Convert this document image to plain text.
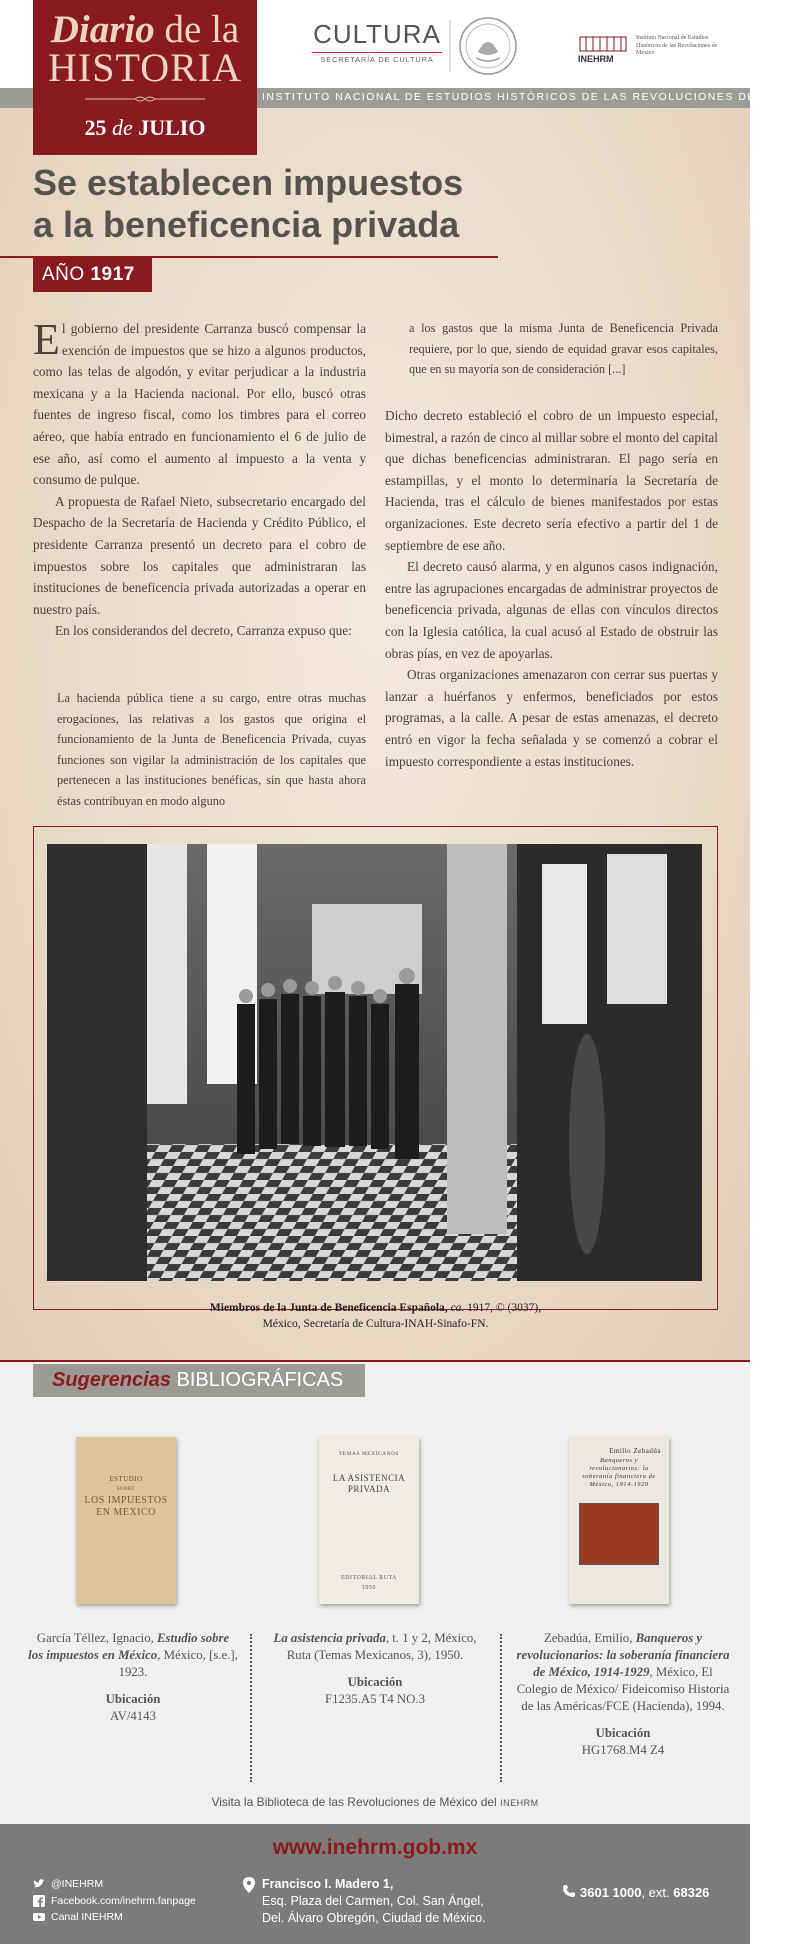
INSTITUTO NACIONAL DE ESTUDIOS HISTÓRICOS DE LAS REVOLUCIONES DE MÉXICO
Diario de la
HISTORIA
25 de JULIO
CULTURA
SECRETARÍA DE CULTURA	INEHRM
Instituto Nacional de Estudios Históricos de las Revoluciones de México
Se establecen impuestos
a la beneficencia privada
AÑO 1917

El gobierno del presidente Carranza buscó compensar la exención de impuestos que se hizo a algunos productos, como las telas de algodón, y evitar perjudicar a la industria mexicana y a la Hacienda nacional. Por ello, buscó otras fuentes de ingreso fiscal, como los timbres para el correo aéreo, que había entrado en funcionamiento el 6 de julio de ese año, así como el aumento al impuesto a la venta y consumo de pulque.

A propuesta de Rafael Nieto, subsecretario encargado del Despacho de la Secretaría de Hacienda y Crédito Público, el presidente Carranza presentó un decreto para el cobro de impuestos sobre los capitales que administraran las instituciones de beneficencia privada autorizadas a operar en nuestro país.

En los considerandos del decreto, Carranza expuso que:

La hacienda pública tiene a su cargo, entre otras muchas erogaciones, las relativas a los gastos que origina el funcionamiento de la Junta de Beneficencia Privada, cuyas funciones son vigilar la administración de los capitales que pertenecen a las instituciones benéficas, sin que hasta ahora éstas contribuyan en modo alguno
a los gastos que la misma Junta de Beneficencia Privada requiere, por lo que, siendo de equidad gravar esos capitales, que en su mayoría son de consideración [...]

Dicho decreto estableció el cobro de un impuesto especial, bimestral, a razón de cinco al millar sobre el monto del capital que dichas beneficencias administraran. El pago sería en estampillas, y el monto lo determinaría la Secretaría de Hacienda, tras el cálculo de bienes manifestados por estas organizaciones. Este decreto sería efectivo a partir del 1 de septiembre de ese año.

El decreto causó alarma, y en algunos casos indignación, entre las agrupaciones encargadas de administrar proyectos de beneficencia privada, algunas de ellas con vínculos directos con la Iglesia católica, la cual acusó al Estado de obstruir las obras pías, en vez de apoyarlas.

Otras organizaciones amenazaron con cerrar sus puertas y lanzar a huérfanos y enfermos, beneficiados por estos programas, a la calle. A pesar de estas amenazas, el decreto entró en vigor la fecha señalada y se comenzó a cobrar el impuesto correspondiente a estas instituciones.

Miembros de la Junta de Beneficencia Española, ca. 1917, © (3037),
México, Secretaría de Cultura-INAH-Sinafo-FN.
Sugerencias BIBLIOGRÁFICAS
ESTUDIO
SOBRE
LOS IMPUESTOS EN MEXICO
TEMAS MEXICANOS
LA ASISTENCIA PRIVADA
EDITORIAL RUTA
1950
Emilio Zebadúa
Banqueros y revolucionarios: la soberanía financiera de México, 1914-1929
García Téllez, Ignacio, Estudio sobre los impuestos en México, México, [s.e.], 1923.
Ubicación
AV/4143
La asistencia privada, t. 1 y 2, México, Ruta (Temas Mexicanos, 3), 1950.
Ubicación
F1235.A5 T4 NO.3
Zebadúa, Emilio, Banqueros y revolucionarios: la soberanía financiera de México, 1914-1929, México, El Colegio de México/ Fideicomiso Historia de las Américas/FCE (Hacienda), 1994.
Ubicación
HG1768.M4 Z4
Visita la Biblioteca de las Revoluciones de México del INEHRM
www.inehrm.gob.mx
@INEHRM
Facebook.com/inehrm.fanpage
Canal INEHRM
Francisco I. Madero 1,
Esq. Plaza del Carmen, Col. San Ángel,
Del. Álvaro Obregón, Ciudad de México.
3601 1000, ext. 68326
